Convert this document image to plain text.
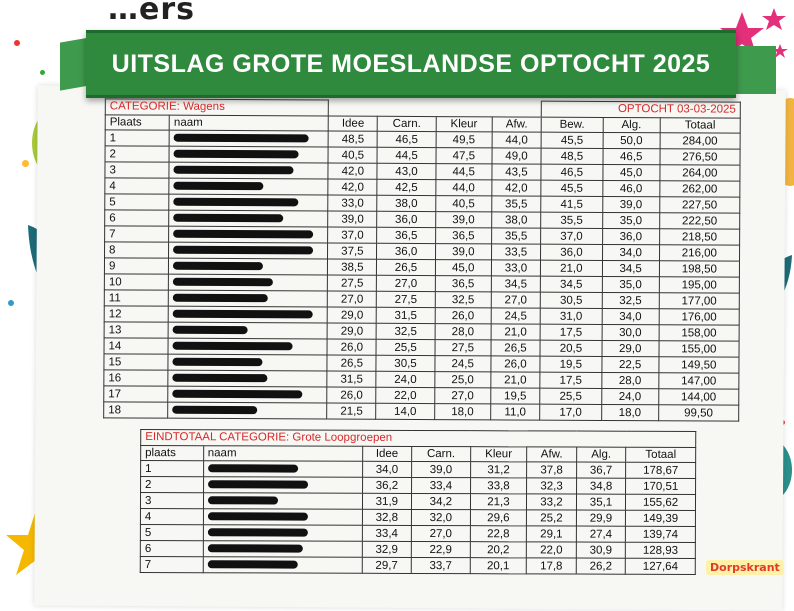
…ers
UITSLAG GROTE MOESLANDSE OPTOCHT 2025
CATEGORIE: Wagens						OPTOCHT 03-03-2025		
Plaats	naam	Idee	Carn.	Kleur	Afw.	Bew.	Alg.	Totaal
1		48,5	46,5	49,5	44,0	45,5	50,0	284,00
2		40,5	44,5	47,5	49,0	48,5	46,5	276,50
3		42,0	43,0	44,5	43,5	46,5	45,0	264,00
4		42,0	42,5	44,0	42,0	45,5	46,0	262,00
5		33,0	38,0	40,5	35,5	41,5	39,0	227,50
6		39,0	36,0	39,0	38,0	35,5	35,0	222,50
7		37,0	36,5	36,5	35,5	37,0	36,0	218,50
8		37,5	36,0	39,0	33,5	36,0	34,0	216,00
9		38,5	26,5	45,0	33,0	21,0	34,5	198,50
10		27,5	27,0	36,5	34,5	34,5	35,0	195,00
11		27,0	27,5	32,5	27,0	30,5	32,5	177,00
12		29,0	31,5	26,0	24,5	31,0	34,0	176,00
13		29,0	32,5	28,0	21,0	17,5	30,0	158,00
14		26,0	25,5	27,5	26,5	20,5	29,0	155,00
15		26,5	30,5	24,5	26,0	19,5	22,5	149,50
16		31,5	24,0	25,0	21,0	17,5	28,0	147,00
17		26,0	22,0	27,0	19,5	25,5	24,0	144,00
18		21,5	14,0	18,0	11,0	17,0	18,0	99,50
EINDTOTAAL CATEGORIE: Grote Loopgroepen							
plaats	naam	Idee	Carn.	Kleur	Afw.	Alg.	Totaal
1		34,0	39,0	31,2	37,8	36,7	178,67
2		36,2	33,4	33,8	32,3	34,8	170,51
3		31,9	34,2	21,3	33,2	35,1	155,62
4		32,8	32,0	29,6	25,2	29,9	149,39
5		33,4	27,0	22,8	29,1	27,4	139,74
6		32,9	22,9	20,2	22,0	30,9	128,93
7		29,7	33,7	20,1	17,8	26,2	127,64	Dorpskrant
